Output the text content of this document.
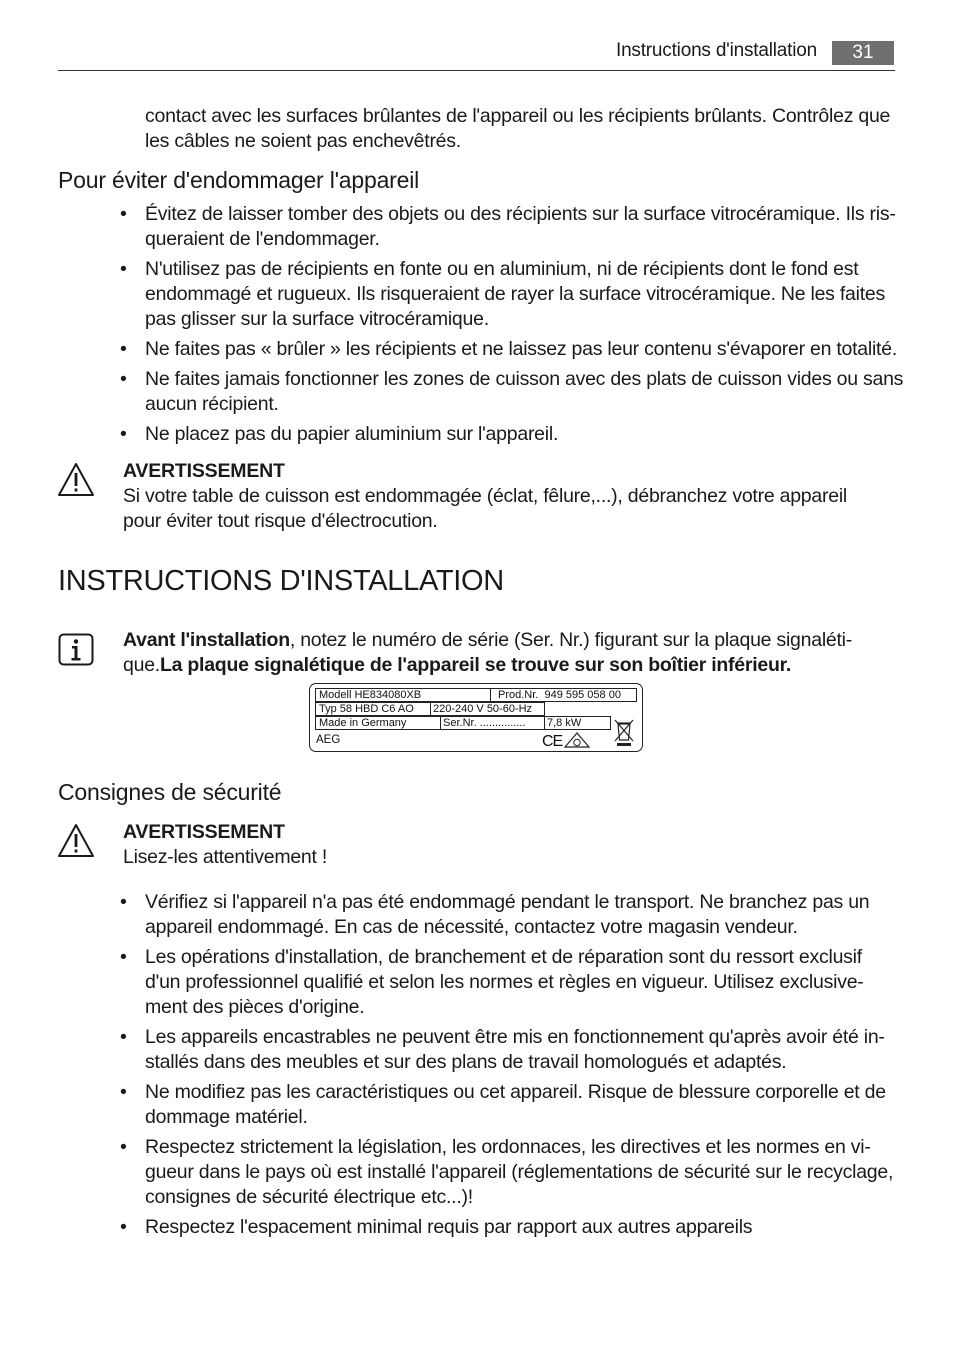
Instructions d'installation	31
contact avec les surfaces brûlantes de l'appareil ou les récipients brûlants. Contrôlez que
les câbles ne soient pas enchevêtrés.
Pour éviter d'endommager l'appareil
• Évitez de laisser tomber des objets ou des récipients sur la surface vitrocéramique. Ils ris-
queraient de l'endommager.
• N'utilisez pas de récipients en fonte ou en aluminium, ni de récipients dont le fond est
endommagé et rugueux. Ils risqueraient de rayer la surface vitrocéramique. Ne les faites
pas glisser sur la surface vitrocéramique.
• Ne faites pas « brûler » les récipients et ne laissez pas leur contenu s'évaporer en totalité.
• Ne faites jamais fonctionner les zones de cuisson avec des plats de cuisson vides ou sans
aucun récipient.
• Ne placez pas du papier aluminium sur l'appareil.
AVERTISSEMENT
Si votre table de cuisson est endommagée (éclat, fêlure,...), débranchez votre appareil
pour éviter tout risque d'électrocution.
INSTRUCTIONS D'INSTALLATION
Avant l'installation, notez le numéro de série (Ser. Nr.) figurant sur la plaque signaléti-
que.La plaque signalétique de l'appareil se trouve sur son boîtier inférieur.
Modell HE834080XB	Prod.Nr. 949 595 058 00
Typ 58 HBD C6 AO	220-240 V 50-60-Hz
Made in Germany	Ser.Nr. ...............	7,8 kW
AEG	CE
Consignes de sécurité
AVERTISSEMENT
Lisez-les attentivement !
• Vérifiez si l'appareil n'a pas été endommagé pendant le transport. Ne branchez pas un
appareil endommagé. En cas de nécessité, contactez votre magasin vendeur.
• Les opérations d'installation, de branchement et de réparation sont du ressort exclusif
d'un professionnel qualifié et selon les normes et règles en vigueur. Utilisez exclusive-
ment des pièces d'origine.
• Les appareils encastrables ne peuvent être mis en fonctionnement qu'après avoir été in-
stallés dans des meubles et sur des plans de travail homologués et adaptés.
• Ne modifiez pas les caractéristiques ou cet appareil. Risque de blessure corporelle et de
dommage matériel.
• Respectez strictement la législation, les ordonnaces, les directives et les normes en vi-
gueur dans le pays où est installé l'appareil (réglementations de sécurité sur le recyclage,
consignes de sécurité électrique etc...)!
• Respectez l'espacement minimal requis par rapport aux autres appareils
